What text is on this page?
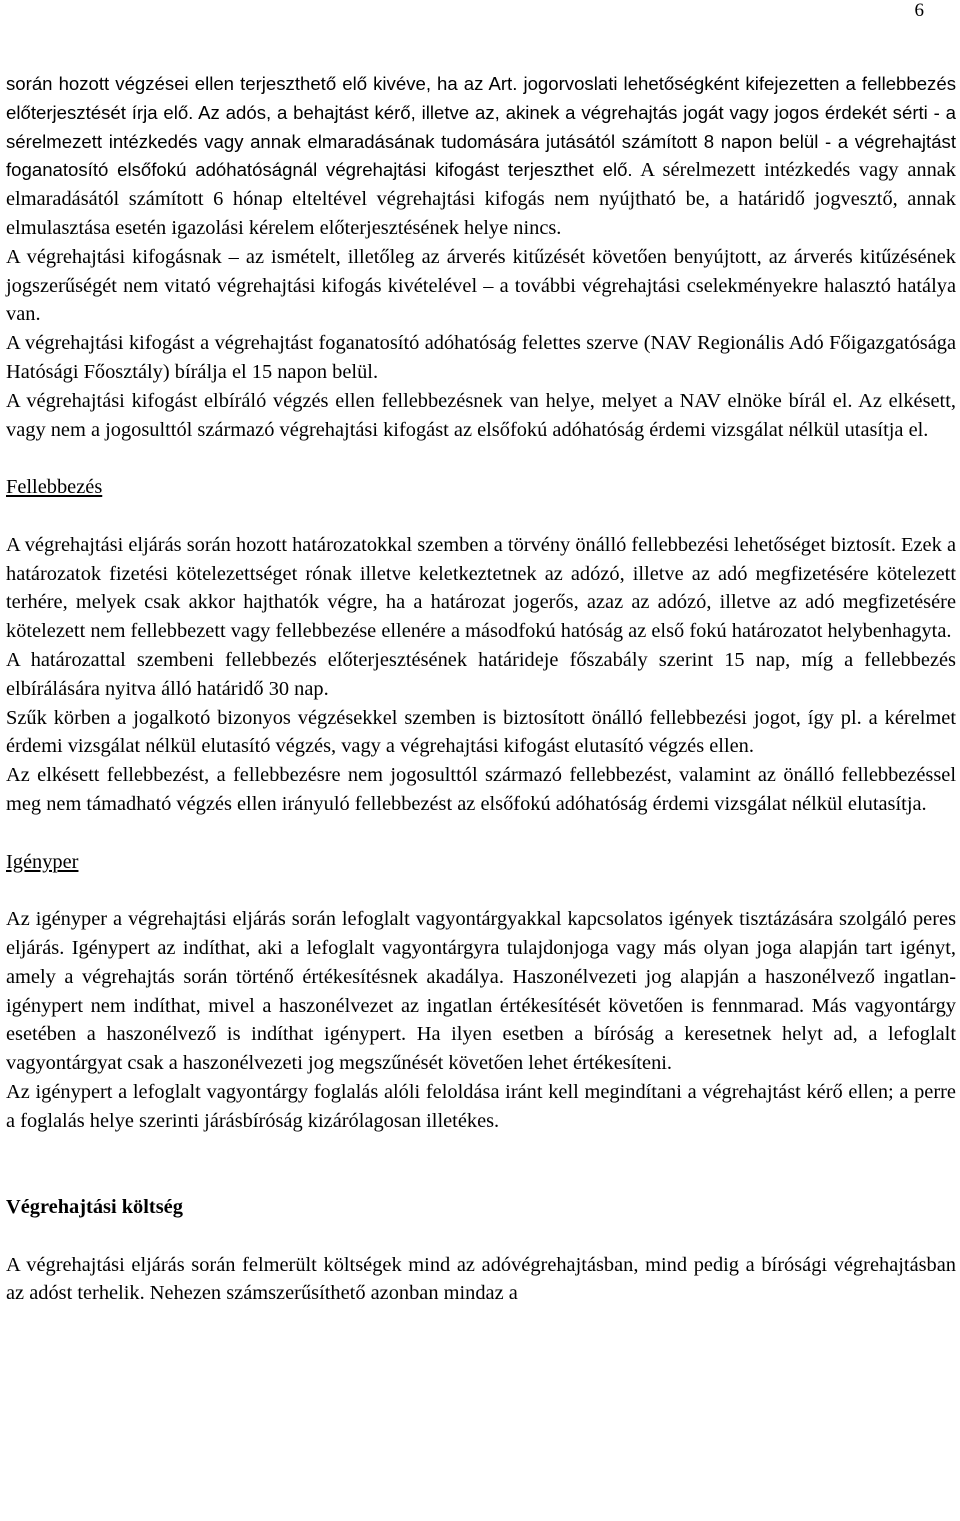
6

során hozott végzései ellen terjeszthető elő kivéve, ha az Art. jogorvoslati lehetőségként kifejezetten a fellebbezés előterjesztését írja elő. Az adós, a behajtást kérő, illetve az, akinek a végrehajtás jogát vagy jogos érdekét sérti - a sérelmezett intézkedés vagy annak elmaradásának tudomására jutásától számított 8 napon belül - a végrehajtást foganatosító elsőfokú adóhatóságnál végrehajtási kifogást terjeszthet elő. A sérelmezett intézkedés vagy annak elmaradásától számított 6 hónap elteltével végrehajtási kifogás nem nyújtható be, a határidő jogvesztő, annak elmulasztása esetén igazolási kérelem előterjesztésének helye nincs.

A végrehajtási kifogásnak – az ismételt, illetőleg az árverés kitűzését követően benyújtott, az árverés kitűzésének jogszerűségét nem vitató végrehajtási kifogás kivételével – a további végrehajtási cselekményekre halasztó hatálya van.

A végrehajtási kifogást a végrehajtást foganatosító adóhatóság felettes szerve (NAV Regionális Adó Főigazgatósága Hatósági Főosztály) bírálja el 15 napon belül.

A végrehajtási kifogást elbíráló végzés ellen fellebbezésnek van helye, melyet a NAV elnöke bírál el. Az elkésett, vagy nem a jogosulttól származó végrehajtási kifogást az elsőfokú adóhatóság érdemi vizsgálat nélkül utasítja el.

Fellebbezés

A végrehajtási eljárás során hozott határozatokkal szemben a törvény önálló fellebbezési lehetőséget biztosít. Ezek a határozatok fizetési kötelezettséget rónak illetve keletkeztetnek az adózó, illetve az adó megfizetésére kötelezett terhére, melyek csak akkor hajthatók végre, ha a határozat jogerős, azaz az adózó, illetve az adó megfizetésére kötelezett nem fellebbezett vagy fellebbezése ellenére a másodfokú hatóság az első fokú határozatot helybenhagyta.

A határozattal szembeni fellebbezés előterjesztésének határideje főszabály szerint 15 nap, míg a fellebbezés elbírálására nyitva álló határidő 30 nap.

Szűk körben a jogalkotó bizonyos végzésekkel szemben is biztosított önálló fellebbezési jogot, így pl. a kérelmet érdemi vizsgálat nélkül elutasító végzés, vagy a végrehajtási kifogást elutasító végzés ellen.

Az elkésett fellebbezést, a fellebbezésre nem jogosulttól származó fellebbezést, valamint az önálló fellebbezéssel meg nem támadható végzés ellen irányuló fellebbezést az elsőfokú adóhatóság érdemi vizsgálat nélkül elutasítja.

Igényper

Az igényper a végrehajtási eljárás során lefoglalt vagyontárgyakkal kapcsolatos igények tisztázására szolgáló peres eljárás. Igénypert az indíthat, aki a lefoglalt vagyontárgyra tulajdonjoga vagy más olyan joga alapján tart igényt, amely a végrehajtás során történő értékesítésnek akadálya. Haszonélvezeti jog alapján a haszonélvező ingatlan-igénypert nem indíthat, mivel a haszonélvezet az ingatlan értékesítését követően is fennmarad. Más vagyontárgy esetében a haszonélvező is indíthat igénypert. Ha ilyen esetben a bíróság a keresetnek helyt ad, a lefoglalt vagyontárgyat csak a haszonélvezeti jog megszűnését követően lehet értékesíteni.

Az igénypert a lefoglalt vagyontárgy foglalás alóli feloldása iránt kell megindítani a végrehajtást kérő ellen; a perre a foglalás helye szerinti járásbíróság kizárólagosan illetékes.

Végrehajtási költség

A végrehajtási eljárás során felmerült költségek mind az adóvégrehajtásban, mind pedig a bírósági végrehajtásban az adóst terhelik. Nehezen számszerűsíthető azonban mindaz a
